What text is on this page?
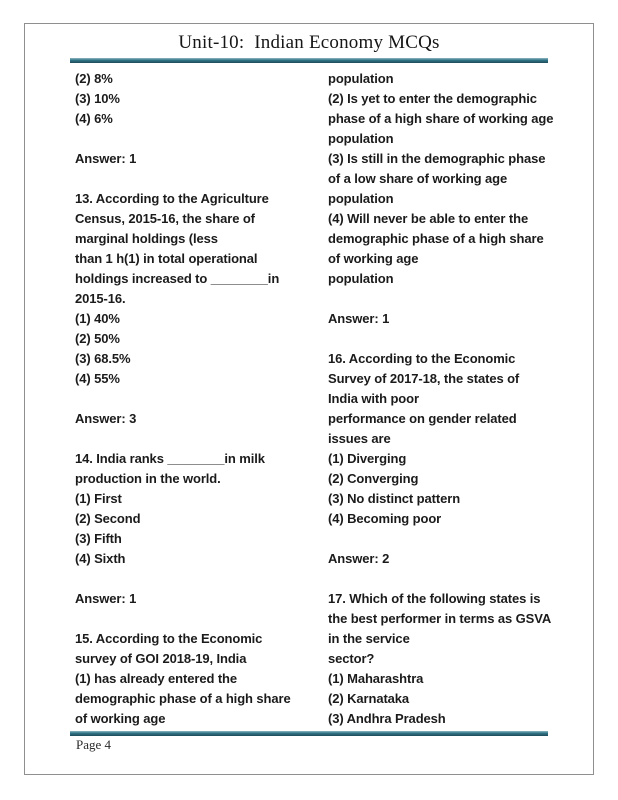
Unit-10:  Indian Economy MCQs
(2) 8%
(3) 10%
(4) 6%

Answer: 1

13. According to the Agriculture
Census, 2015-16, the share of
marginal holdings (less
than 1 h(1) in total operational
holdings increased to ________in
2015-16.
(1) 40%
(2) 50%
(3) 68.5%
(4) 55%

Answer: 3

14. India ranks ________in milk
production in the world.
(1) First
(2) Second
(3) Fifth
(4) Sixth

Answer: 1

15. According to the Economic
survey of GOI 2018-19, India
(1) has already entered the
demographic phase of a high share
of working age
population
(2) Is yet to enter the demographic
phase of a high share of working age
population
(3) Is still in the demographic phase
of a low share of working age
population
(4) Will never be able to enter the
demographic phase of a high share
of working age
population

Answer: 1

16. According to the Economic
Survey of 2017-18, the states of
India with poor
performance on gender related
issues are
(1) Diverging
(2) Converging
(3) No distinct pattern
(4) Becoming poor

Answer: 2

17. Which of the following states is
the best performer in terms as GSVA
in the service
sector?
(1) Maharashtra
(2) Karnataka
(3) Andhra Pradesh
Page 4
